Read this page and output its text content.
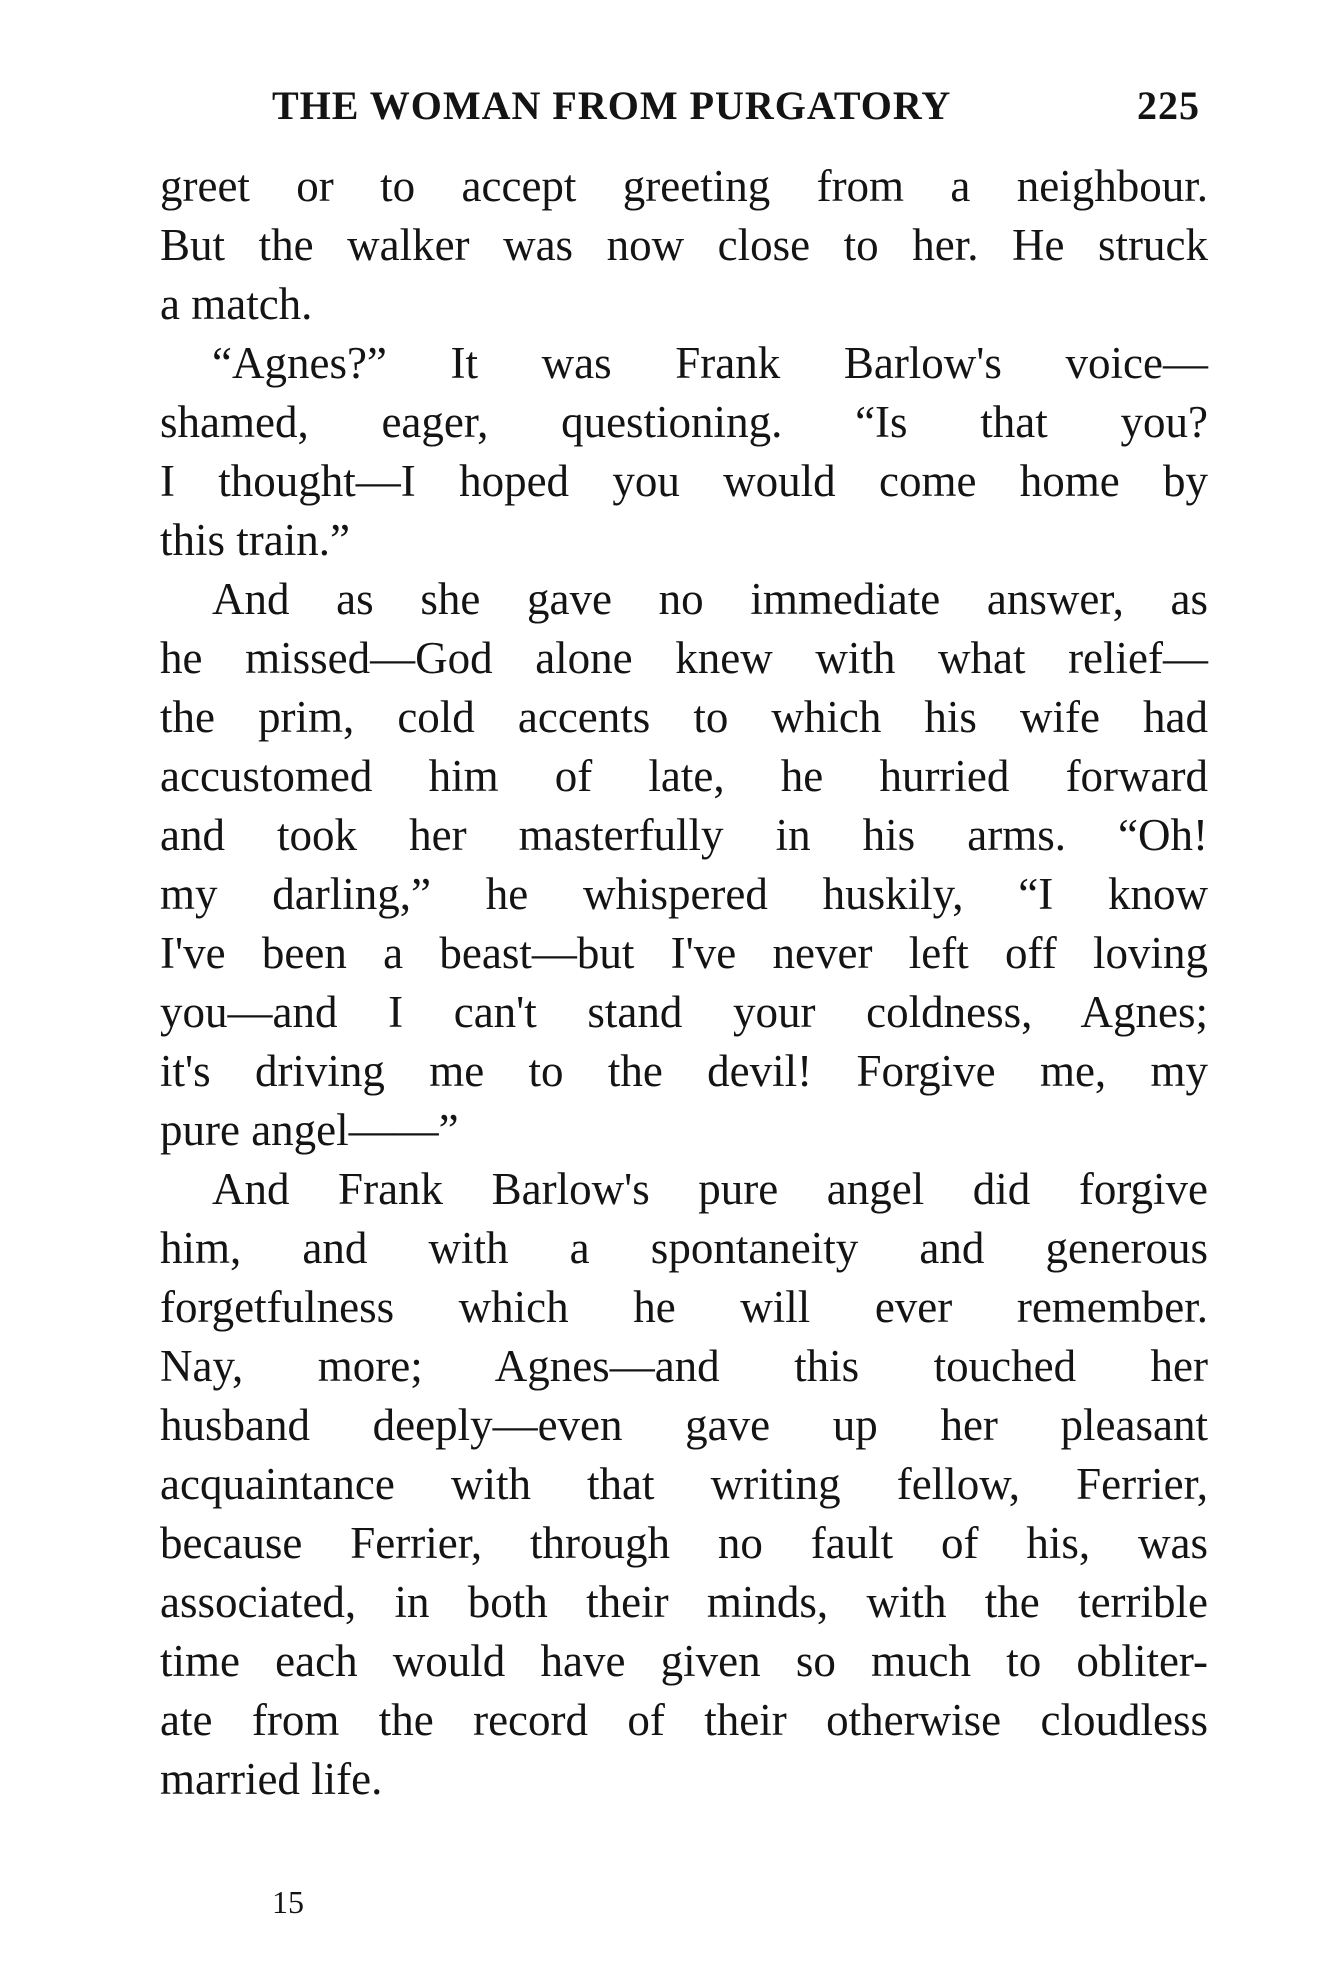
THE WOMAN FROM PURGATORY	225
greet or to accept greeting from a neighbour.
But the walker was now close to her. He struck
a match.
“Agnes?” It was Frank Barlow's voice—
shamed, eager, questioning. “Is that you?
I thought—I hoped you would come home by
this train.”
And as she gave no immediate answer, as
he missed—God alone knew with what relief—
the prim, cold accents to which his wife had
accustomed him of late, he hurried forward
and took her masterfully in his arms. “Oh!
my darling,” he whispered huskily, “I know
I've been a beast—but I've never left off loving
you—and I can't stand your coldness, Agnes;
it's driving me to the devil! Forgive me, my
pure angel——”
And Frank Barlow's pure angel did forgive
him, and with a spontaneity and generous
forgetfulness which he will ever remember.
Nay, more; Agnes—and this touched her
husband deeply—even gave up her pleasant
acquaintance with that writing fellow, Ferrier,
because Ferrier, through no fault of his, was
associated, in both their minds, with the terrible
time each would have given so much to obliter-
ate from the record of their otherwise cloudless
married life.
15
